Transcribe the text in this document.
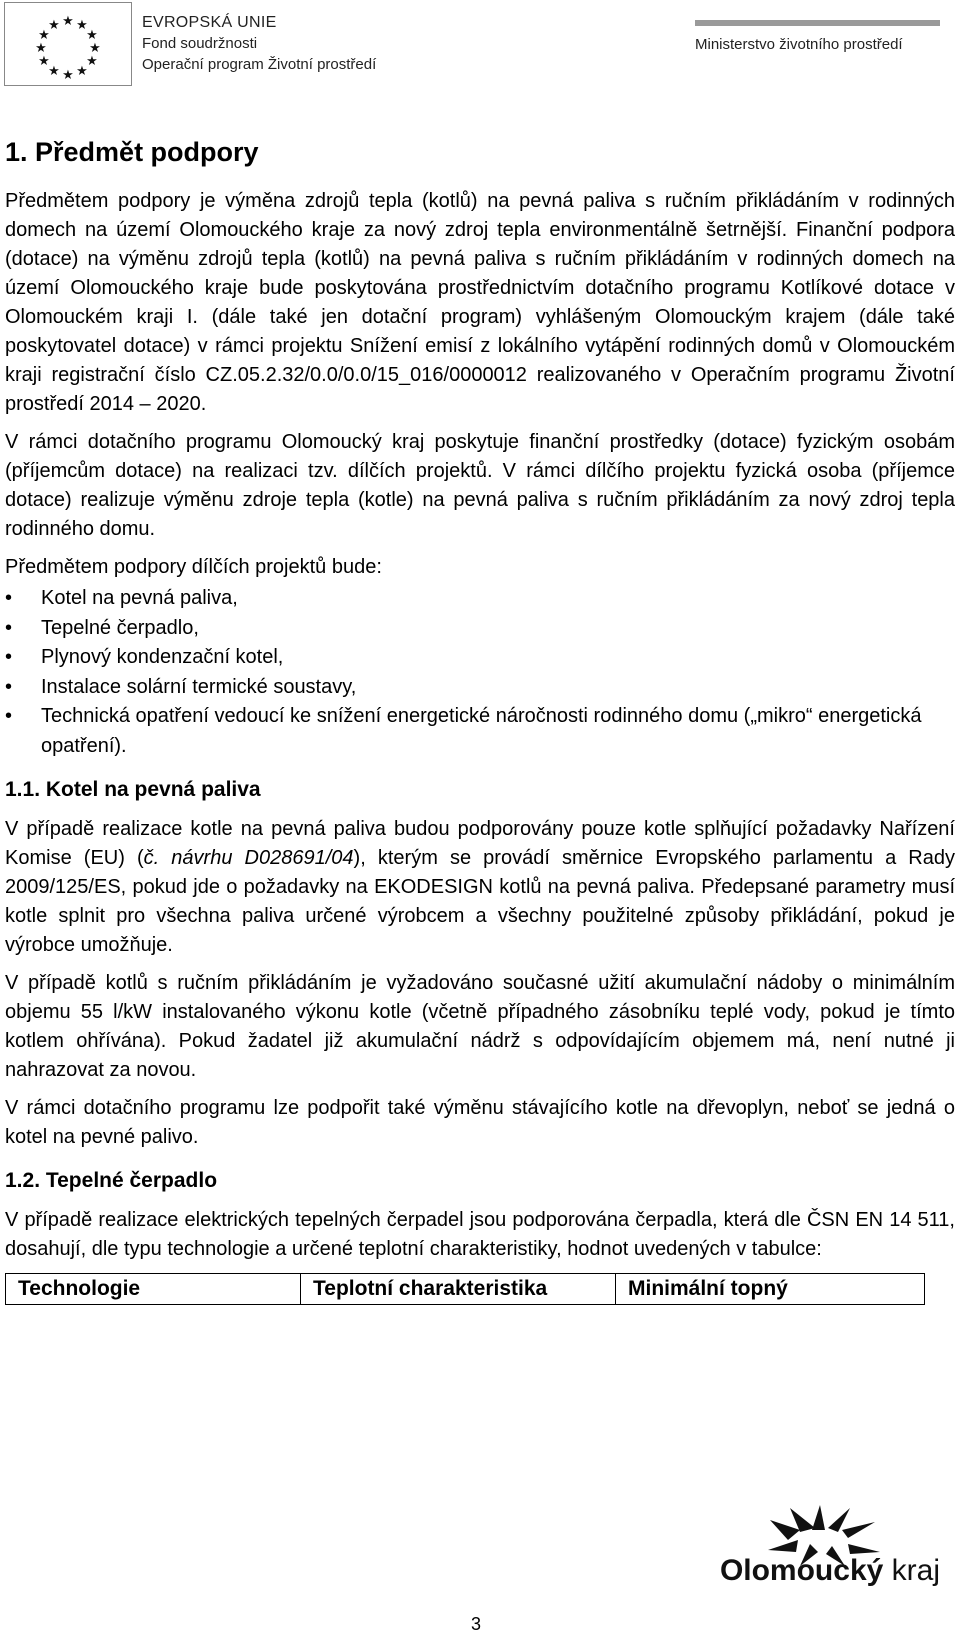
★ ★
★
★
★
★
★
★
★
★
★
★	EVROPSKÁ UNIE
Fond soudržnosti
Operační program Životní prostředí
Ministerstvo životního prostředí
1. Předmět podpory

Předmětem podpory je výměna zdrojů tepla (kotlů) na pevná paliva s ručním přikládáním v rodinných domech na území Olomouckého kraje za nový zdroj tepla environmentálně šetrnější. Finanční podpora (dotace) na výměnu zdrojů tepla (kotlů) na pevná paliva s ručním přikládáním v rodinných domech na území Olomouckého kraje bude poskytována prostřednictvím dotačního programu Kotlíkové dotace v Olomouckém kraji I. (dále také jen dotační program) vyhlášeným Olomouckým krajem (dále také poskytovatel dotace) v rámci projektu Snížení emisí z lokálního vytápění rodinných domů v Olomouckém kraji registrační číslo CZ.05.2.32/0.0/0.0/15_016/0000012 realizovaného v Operačním programu Životní prostředí 2014 – 2020.

V rámci dotačního programu Olomoucký kraj poskytuje finanční prostředky (dotace) fyzickým osobám (příjemcům dotace) na realizaci tzv. dílčích projektů. V rámci dílčího projektu fyzická osoba (příjemce dotace) realizuje výměnu zdroje tepla (kotle) na pevná paliva s ručním přikládáním za nový zdroj tepla rodinného domu.

Předmětem podpory dílčích projektů bude:

• Kotel na pevná paliva,
• Tepelné čerpadlo,
• Plynový kondenzační kotel,
• Instalace solární termické soustavy,
• Technická opatření vedoucí ke snížení energetické náročnosti rodinného domu („mikro“ energetická opatření).
1.1. Kotel na pevná paliva

V případě realizace kotle na pevná paliva budou podporovány pouze kotle splňující požadavky Nařízení Komise (EU) (č. návrhu D028691/04), kterým se provádí směrnice Evropského parlamentu a Rady 2009/125/ES, pokud jde o požadavky na EKODESIGN kotlů na pevná paliva. Předepsané parametry musí kotle splnit pro všechna paliva určené výrobcem a všechny použitelné způsoby přikládání, pokud je výrobce umožňuje.

V případě kotlů s ručním přikládáním je vyžadováno současné užití akumulační nádoby o minimálním objemu 55 l/kW instalovaného výkonu kotle (včetně případného zásobníku teplé vody, pokud je tímto kotlem ohřívána). Pokud žadatel již akumulační nádrž s odpovídajícím objemem má, není nutné ji nahrazovat za novou.

V rámci dotačního programu lze podpořit také výměnu stávajícího kotle na dřevoplyn, neboť se jedná o kotel na pevné palivo.

1.2. Tepelné čerpadlo

V případě realizace elektrických tepelných čerpadel jsou podporována čerpadla, která dle ČSN EN 14 511, dosahují, dle typu technologie a určené teplotní charakteristiky, hodnot uvedených v tabulce:

Technologie	Teplotní charakteristika	Minimální topný
Olomoucký kraj
3
